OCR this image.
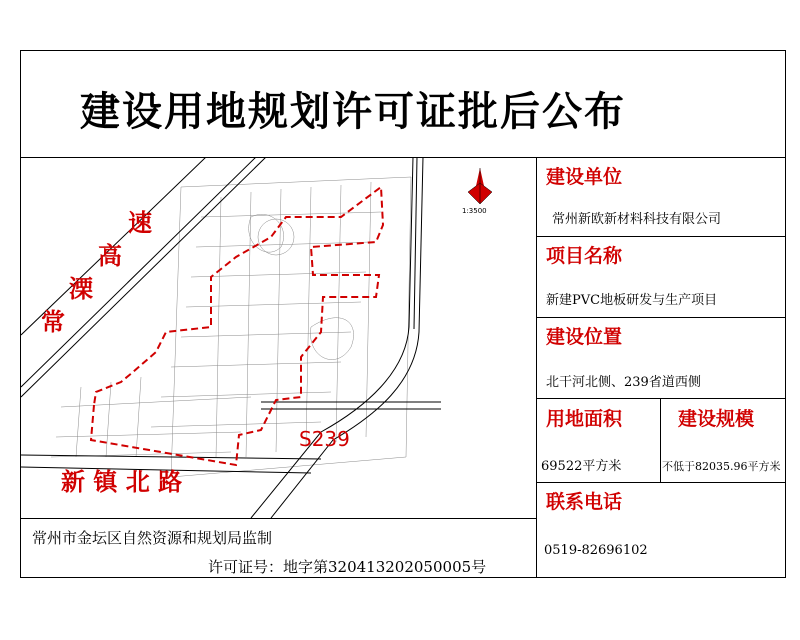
建设用地规划许可证批后公布
建设单位
常州新欧新材料科技有限公司
项目名称
新建PVC地板研发与生产项目
建设位置
北干河北侧、239省道西侧
用地面积
69522平方米
建设规模
不低于82035.96平方米
联系电话
0519-82696102
常州市金坛区自然资源和规划局监制
许可证号：地字第320413202050005号
S239
新 镇 北 路
常
溧
高
速	1:3500
